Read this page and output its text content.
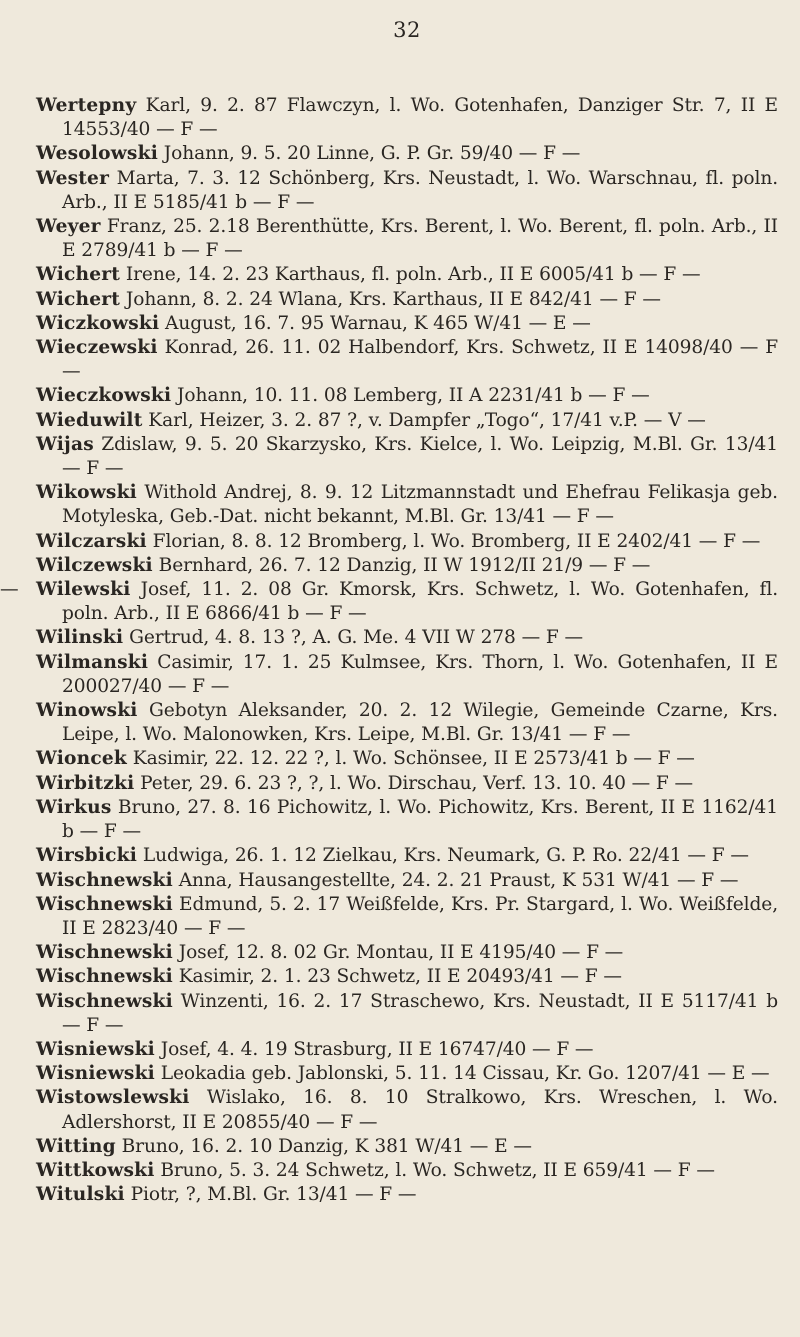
32
Wertepny Karl, 9. 2. 87 Flawczyn, l. Wo. Gotenhafen, Danziger Str. 7, II E 14553/40 — F —
Wesolowski Johann, 9. 5. 20 Linne, G. P. Gr. 59/40 — F —
Wester Marta, 7. 3. 12 Schönberg, Krs. Neustadt, l. Wo. Warschnau, fl. poln. Arb., II E 5185/41 b — F —
Weyer Franz, 25. 2.18 Berenthütte, Krs. Berent, l. Wo. Berent, fl. poln. Arb., II E 2789/41 b — F —
Wichert Irene, 14. 2. 23 Karthaus, fl. poln. Arb., II E 6005/41 b — F —
Wichert Johann, 8. 2. 24 Wlana, Krs. Karthaus, II E 842/41 — F —
Wiczkowski August, 16. 7. 95 Warnau, K 465 W/41 — E —
Wieczewski Konrad, 26. 11. 02 Halbendorf, Krs. Schwetz, II E 14098/40 — F —
Wieczkowski Johann, 10. 11. 08 Lemberg, II A 2231/41 b — F —
Wieduwilt Karl, Heizer, 3. 2. 87 ?, v. Dampfer „Togo“, 17/41 v.P. — V —
Wijas Zdislaw, 9. 5. 20 Skarzysko, Krs. Kielce, l. Wo. Leipzig, M.Bl. Gr. 13/41 — F —
Wikowski Withold Andrej, 8. 9. 12 Litzmannstadt und Ehefrau Felikasja geb. Motyleska, Geb.-Dat. nicht bekannt, M.Bl. Gr. 13/41 — F —
Wilczarski Florian, 8. 8. 12 Bromberg, l. Wo. Bromberg, II E 2402/41 — F —
Wilczewski Bernhard, 26. 7. 12 Danzig, II W 1912/II 21/9 — F —
— Wilewski Josef, 11. 2. 08 Gr. Kmorsk, Krs. Schwetz, l. Wo. Gotenhafen, fl. poln. Arb., II E 6866/41 b — F —
Wilinski Gertrud, 4. 8. 13 ?, A. G. Me. 4 VII W 278 — F —
Wilmanski Casimir, 17. 1. 25 Kulmsee, Krs. Thorn, l. Wo. Gotenhafen, II E 200027/40 — F —
Winowski Gebotyn Aleksander, 20. 2. 12 Wilegie, Gemeinde Czarne, Krs. Leipe, l. Wo. Malonowken, Krs. Leipe, M.Bl. Gr. 13/41 — F —
Wioncek Kasimir, 22. 12. 22 ?, l. Wo. Schönsee, II E 2573/41 b — F —
Wirbitzki Peter, 29. 6. 23 ?, ?, l. Wo. Dirschau, Verf. 13. 10. 40 — F —
Wirkus Bruno, 27. 8. 16 Pichowitz, l. Wo. Pichowitz, Krs. Berent, II E 1162/41 b — F —
Wirsbicki Ludwiga, 26. 1. 12 Zielkau, Krs. Neumark, G. P. Ro. 22/41 — F —
Wischnewski Anna, Hausangestellte, 24. 2. 21 Praust, K 531 W/41 — F —
Wischnewski Edmund, 5. 2. 17 Weißfelde, Krs. Pr. Stargard, l. Wo. Weißfelde, II E 2823/40 — F —
Wischnewski Josef, 12. 8. 02 Gr. Montau, II E 4195/40 — F —
Wischnewski Kasimir, 2. 1. 23 Schwetz, II E 20493/41 — F —
Wischnewski Winzenti, 16. 2. 17 Straschewo, Krs. Neustadt, II E 5117/41 b — F —
Wisniewski Josef, 4. 4. 19 Strasburg, II E 16747/40 — F —
Wisniewski Leokadia geb. Jablonski, 5. 11. 14 Cissau, Kr. Go. 1207/41 — E —
Wistowslewski Wislako, 16. 8. 10 Stralkowo, Krs. Wreschen, l. Wo. Adlershorst, II E 20855/40 — F —
Witting Bruno, 16. 2. 10 Danzig, K 381 W/41 — E —
Wittkowski Bruno, 5. 3. 24 Schwetz, l. Wo. Schwetz, II E 659/41 — F —
Witulski Piotr, ?, M.Bl. Gr. 13/41 — F —
